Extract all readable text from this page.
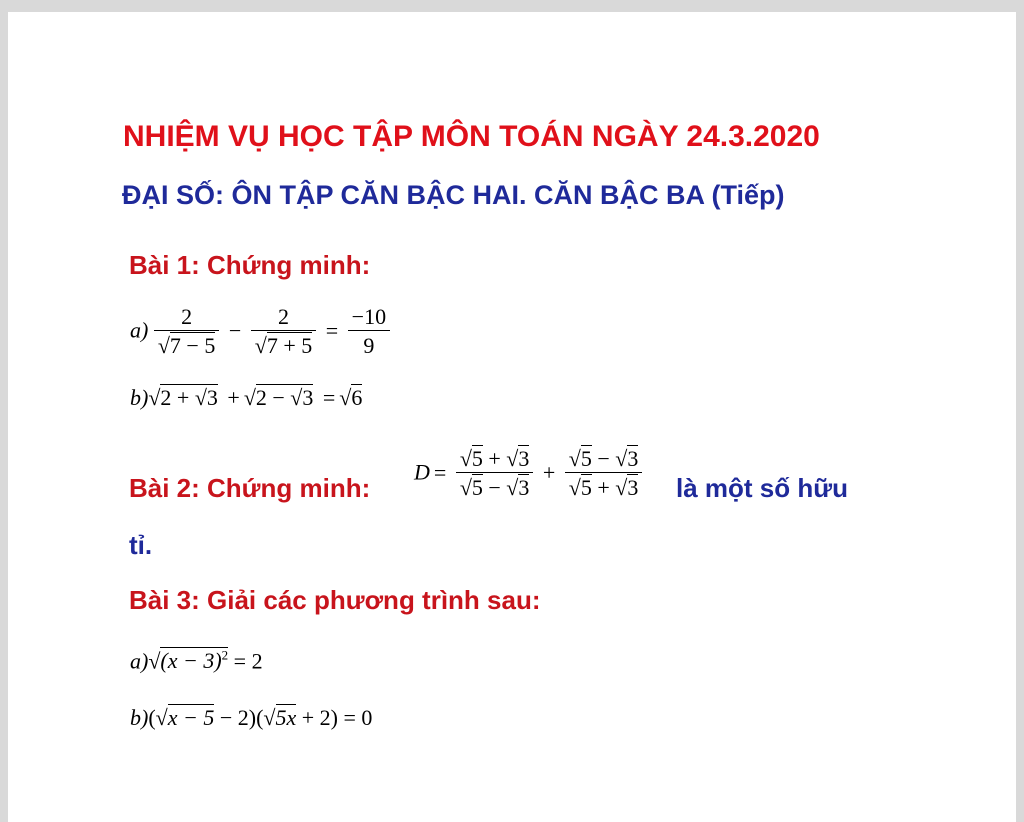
NHIỆM VỤ HỌC TẬP MÔN TOÁN NGÀY 24.3.2020
ĐẠI SỐ: ÔN TẬP CĂN BẬC HAI. CĂN BẬC BA (Tiếp)
Bài 1: Chứng minh:
$a) \frac{2}{√7 - 5} - \frac{2}{√7 + 5} = \frac{-10}{9}$
b)√2 + √3 + √2 − √3 = √6
Bài 2: Chứng minh:
$D = \frac{√5 + √3}{√5 - √3} + \frac{√5 - √3}{√5 + √3}$ là một số hữu
tỉ.
Bài 3: Giải các phương trình sau:
$a)√(x - 3)^2 = 2$
b)(√x − 5 − 2)(√5x + 2) = 0
